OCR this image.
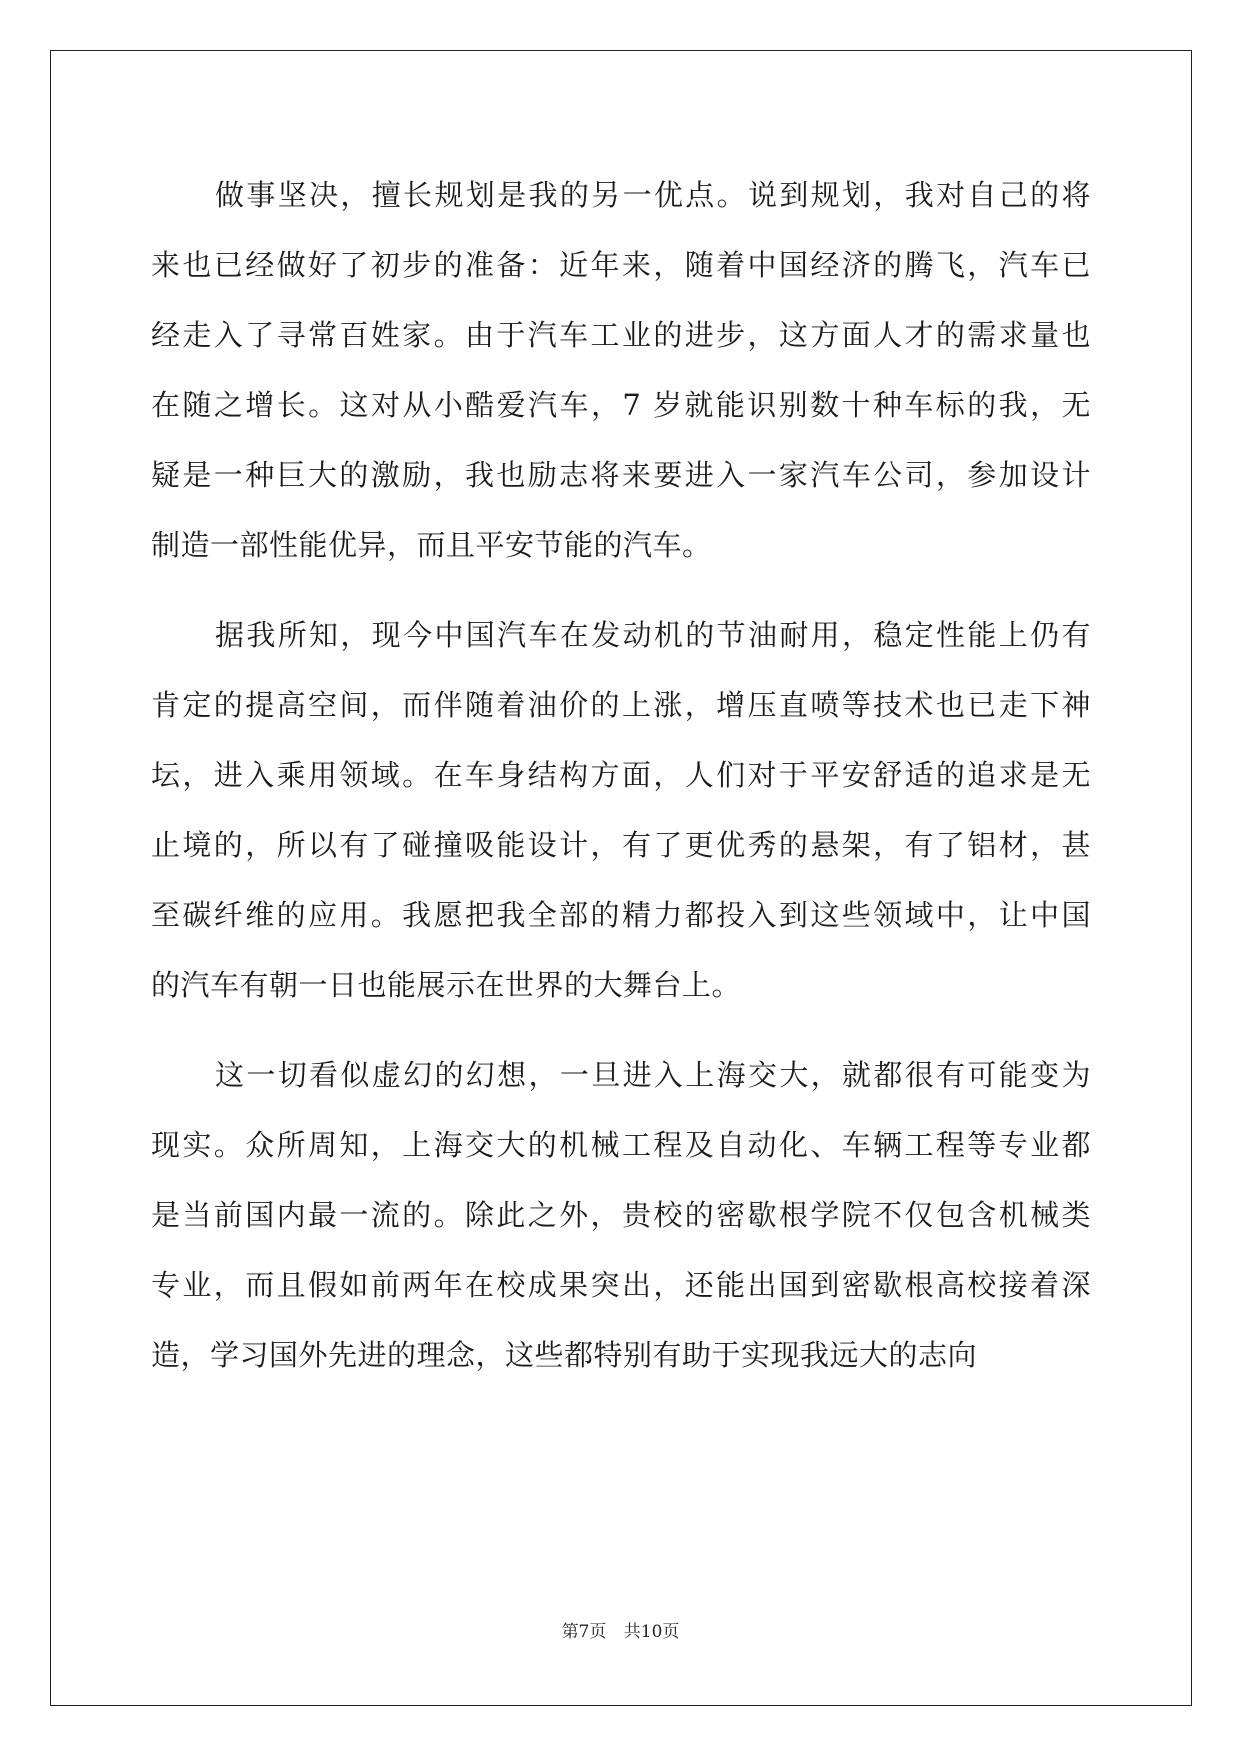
做事坚决，擅长规划是我的另一优点。说到规划，我对自己的将
来也已经做好了初步的准备：近年来，随着中国经济的腾飞，汽车已
经走入了寻常百姓家。由于汽车工业的进步，这方面人才的需求量也
在随之增长。这对从小酷爱汽车，7 岁就能识别数十种车标的我，无
疑是一种巨大的激励，我也励志将来要进入一家汽车公司，参加设计
制造一部性能优异，而且平安节能的汽车。
据我所知，现今中国汽车在发动机的节油耐用，稳定性能上仍有
肯定的提高空间，而伴随着油价的上涨，增压直喷等技术也已走下神
坛，进入乘用领域。在车身结构方面，人们对于平安舒适的追求是无
止境的，所以有了碰撞吸能设计，有了更优秀的悬架，有了铝材，甚
至碳纤维的应用。我愿把我全部的精力都投入到这些领域中，让中国
的汽车有朝一日也能展示在世界的大舞台上。
这一切看似虚幻的幻想，一旦进入上海交大，就都很有可能变为
现实。众所周知，上海交大的机械工程及自动化、车辆工程等专业都
是当前国内最一流的。除此之外，贵校的密歇根学院不仅包含机械类
专业，而且假如前两年在校成果突出，还能出国到密歇根高校接着深
造，学习国外先进的理念，这些都特别有助于实现我远大的志向
第7页 共10页
